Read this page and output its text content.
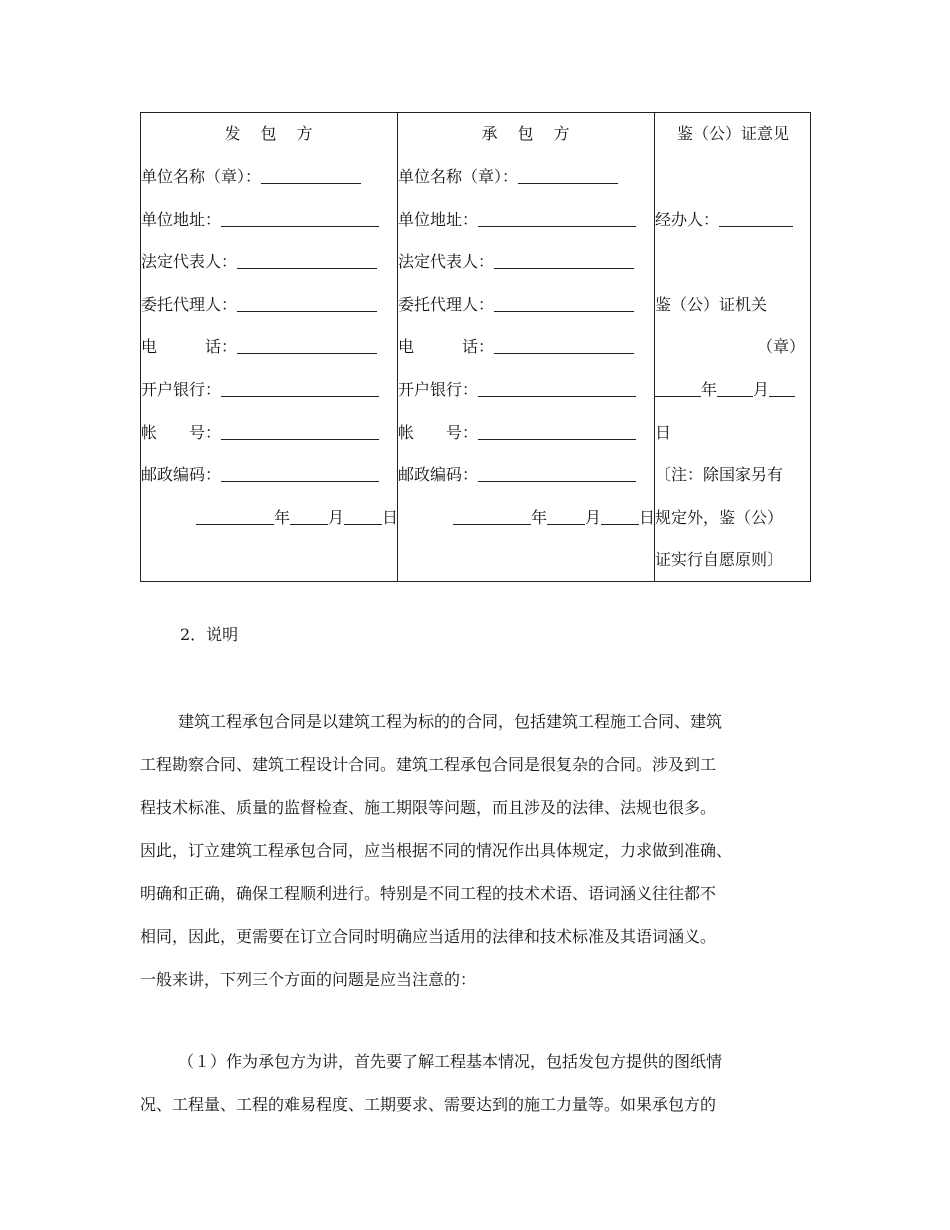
发　包　方
单位名称（章）：
单位地址：
法定代表人：
委托代理人：
电　　　话：
开户银行：
帐　　号：
邮政编码：
年 月 日

承　包　方
单位名称（章）：
单位地址：
法定代表人：
委托代理人：
电　　　话：
开户银行：
帐　　号：
邮政编码：
年 月 日

鉴（公）证意见
经办人：
鉴（公）证机关
（章）
年 月
日
〔注：除国家另有
规定外，鉴（公）
证实行自愿原则〕
2．说明
建筑工程承包合同是以建筑工程为标的的合同，包括建筑工程施工合同、建筑
工程勘察合同、建筑工程设计合同。建筑工程承包合同是很复杂的合同。涉及到工
程技术标准、质量的监督检查、施工期限等问题，而且涉及的法律、法规也很多。
因此，订立建筑工程承包合同，应当根据不同的情况作出具体规定，力求做到准确、
明确和正确，确保工程顺利进行。特别是不同工程的技术术语、语词涵义往往都不
相同，因此，更需要在订立合同时明确应当适用的法律和技术标准及其语词涵义。
一般来讲，下列三个方面的问题是应当注意的：
（１）作为承包方为讲，首先要了解工程基本情况，包括发包方提供的图纸情
况、工程量、工程的难易程度、工期要求、需要达到的施工力量等。如果承包方的
